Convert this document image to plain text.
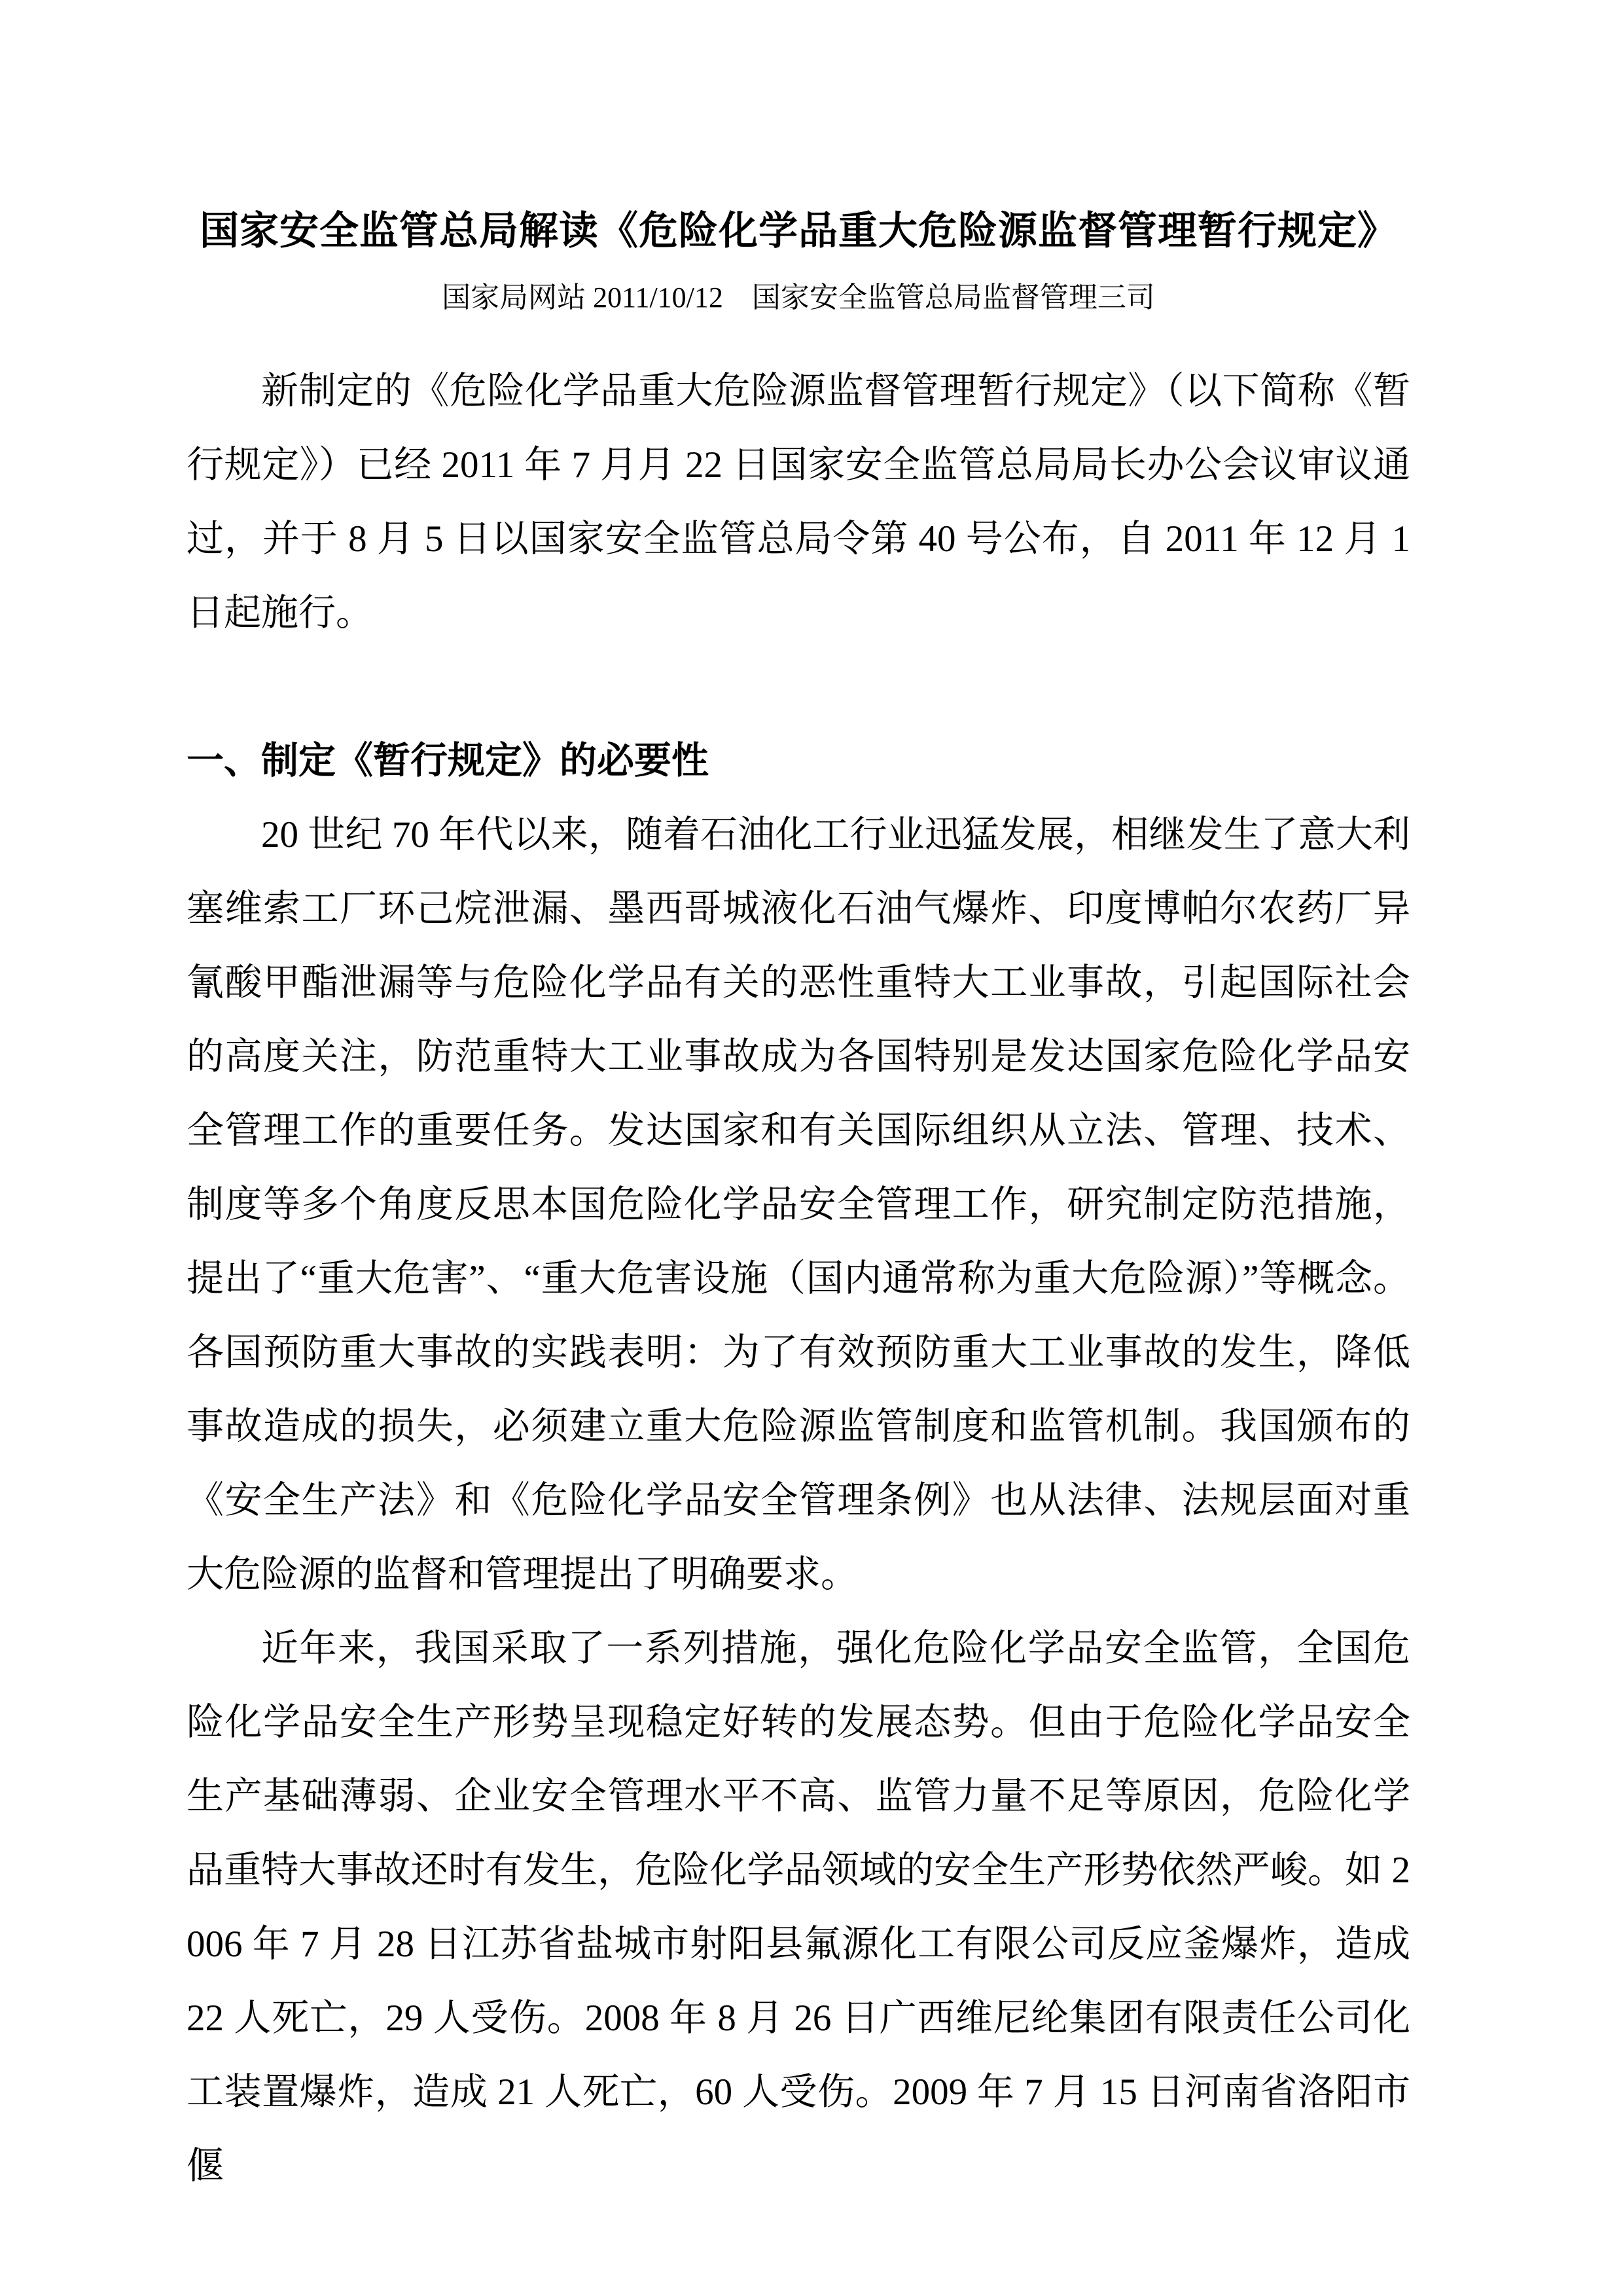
国家安全监管总局解读《危险化学品重大危险源监督管理暂行规定》
国家局网站 2011/10/12　国家安全监管总局监督管理三司

新制定的《危险化学品重大危险源监督管理暂行规定》（以下简称《暂行规定》）已经 2011 年 7 月月 22 日国家安全监管总局局长办公会议审议通过，并于 8 月 5 日以国家安全监管总局令第 40 号公布，自 2011 年 12 月 1 日起施行。

一、制定《暂行规定》的必要性

20 世纪 70 年代以来，随着石油化工行业迅猛发展，相继发生了意大利塞维索工厂环己烷泄漏、墨西哥城液化石油气爆炸、印度博帕尔农药厂异氰酸甲酯泄漏等与危险化学品有关的恶性重特大工业事故，引起国际社会的高度关注，防范重特大工业事故成为各国特别是发达国家危险化学品安全管理工作的重要任务。发达国家和有关国际组织从立法、管理、技术、制度等多个角度反思本国危险化学品安全管理工作，研究制定防范措施，提出了“重大危害”、“重大危害设施（国内通常称为重大危险源）”等概念。各国预防重大事故的实践表明：为了有效预防重大工业事故的发生，降低事故造成的损失，必须建立重大危险源监管制度和监管机制。我国颁布的《安全生产法》和《危险化学品安全管理条例》也从法律、法规层面对重大危险源的监督和管理提出了明确要求。

近年来，我国采取了一系列措施，强化危险化学品安全监管，全国危险化学品安全生产形势呈现稳定好转的发展态势。但由于危险化学品安全生产基础薄弱、企业安全管理水平不高、监管力量不足等原因，危险化学品重特大事故还时有发生，危险化学品领域的安全生产形势依然严峻。如 2006 年 7 月 28 日江苏省盐城市射阳县氟源化工有限公司反应釜爆炸，造成 22 人死亡，29 人受伤。2008 年 8 月 26 日广西维尼纶集团有限责任公司化工装置爆炸，造成 21 人死亡，60 人受伤。2009 年 7 月 15 日河南省洛阳市偃
